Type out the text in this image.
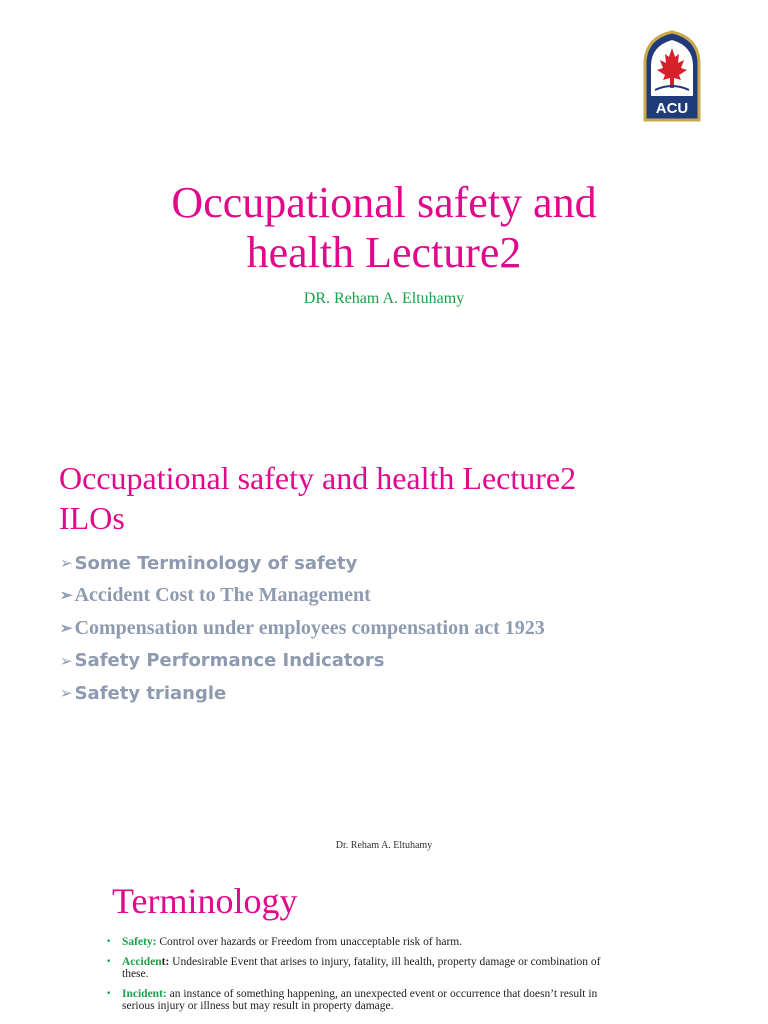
ACU
Occupational safety and
health Lecture2
DR. Reham A. Eltuhamy
Occupational safety and health Lecture2
ILOs
➢ Some Terminology of safety
➢ Accident Cost to The Management
➢ Compensation under employees compensation act 1923
➢ Safety Performance Indicators
➢ Safety triangle
Dr. Reham A. Eltuhamy
Terminology
• Safety: Control over hazards or Freedom from unacceptable risk of harm.
• Accident: Undesirable Event that arises to injury, fatality, ill health, property damage or combination of these.
• Incident: an instance of something happening, an unexpected event or occurrence that doesn’t result in serious injury or illness but may result in property damage.
